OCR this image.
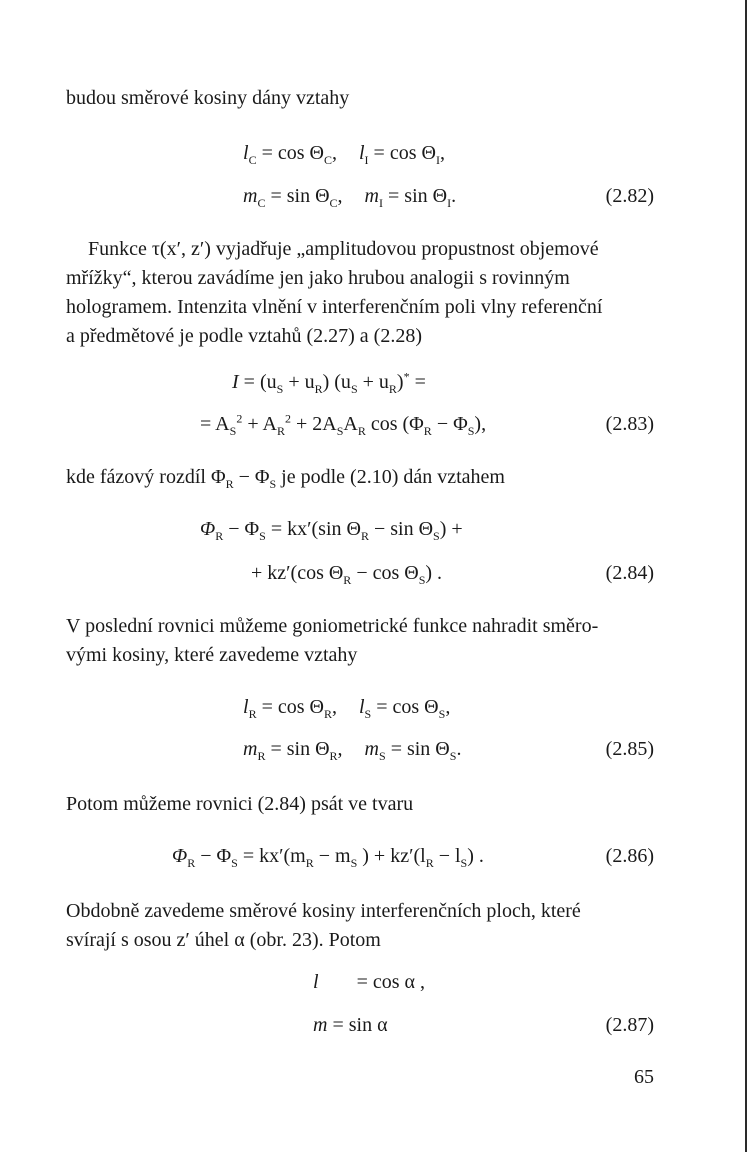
budou směrové kosiny dány vztahy

$l_C = \cos \Theta_C$, $l_I = \cos \Theta_I$,
$m_C = \sin \Theta_C$, $m_I = \sin \Theta_I$.	(2.82)
Funkce τ(x′, z′) vyjadřuje „amplitudovou propustnost objemové
mřížky“, kterou zavádíme jen jako hrubou analogii s rovinným
hologramem. Intenzita vlnění v interferenčním poli vlny referenční
a předmětové je podle vztahů (2.27) a (2.28)
$I = (u_S + u_R) (u_S + u_R)^*$ =
= $A_S^2 + A_R^2 + 2A_SA_R$ $\cos (\Phi_R - \Phi_S)$,	(2.83)
kde fázový rozdíl $\Phi_R - \Phi_S$ je podle (2.10) dán vztahem
$\Phi_R - \Phi_S = kx'(\sin$ $\Theta_R - \sin \Theta_S$) +
+ kz′(cos $\Theta_R - \cos \Theta_S$) .	(2.84)
V poslední rovnici můžeme goniometrické funkce nahradit směro-
vými kosiny, které zavedeme vztahy
$l_R = \cos \Theta_R$, $l_S = \cos \Theta_S$,
$m_R = \sin \Theta_R$, $m_S = \sin \Theta_S$.	(2.85)

Potom můžeme rovnici (2.84) psát ve tvaru

$\Phi_R - \Phi_S = kx'(m_R - m_S$ ) + $kz'(l_R - l_S)$ .	(2.86)
Obdobně zavedeme směrové kosiny interferenčních ploch, které
svírají s osou z′ úhel α (obr. 23). Potom
l = cos α ,
m = sin α	(2.87)
65
